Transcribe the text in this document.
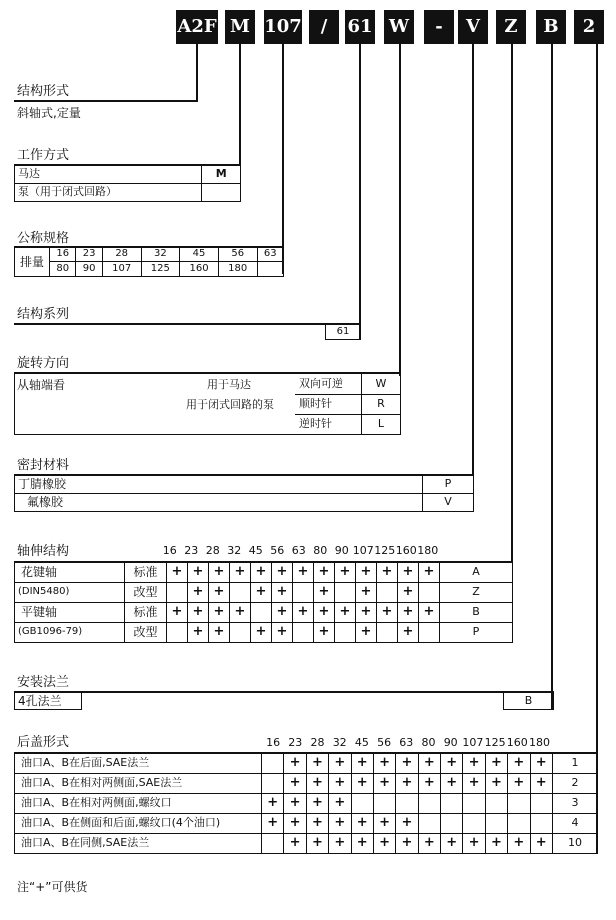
A2F M 107	/	61 W	-	V	Z	B	2
结构形式
斜轴式,定量
工作方式
马达	M
泵（用于闭式回路）	
公称规格
排量	16	23	28	32	45	56	63
	80	90	107	125	160	180	
结构系列
61
旋转方向
从轴端看	用于马达
用于闭式回路的泵
双向可逆	W
顺时针	R
逆时针	L
密封材料
丁腈橡胶	P
氟橡胶	V
轴伸结构	16 23 28 32 45 56 63 80 90 107 125 160 180
花键轴	标准	+	+	+	+	+	+	+	+	+	+	+	+	+	A
(DIN5480)	改型		+	+		+	+		+		+		+		Z
平键轴	标准	+	+	+	+		+	+	+	+	+	+	+	+	B
(GB1096-79)	改型		+	+		+	+		+		+		+		P
安装法兰
4孔法兰	B
后盖形式	16 23 28 32 45 56 63 80 90 107 125 160 180
油口A、B在后面,SAE法兰		+	+	+	+	+	+	+	+	+	+	+	+	1
油口A、B在相对两侧面,SAE法兰		+	+	+	+	+	+	+	+	+	+	+	+	2
油口A、B在相对两侧面,螺纹口	+	+	+	+										3
油口A、B在侧面和后面,螺纹口(4个油口)	+	+	+	+	+	+	+							4
油口A、B在同侧,SAE法兰		+	+	+	+	+	+	+	+	+	+	+	+	10
注“+”可供货
